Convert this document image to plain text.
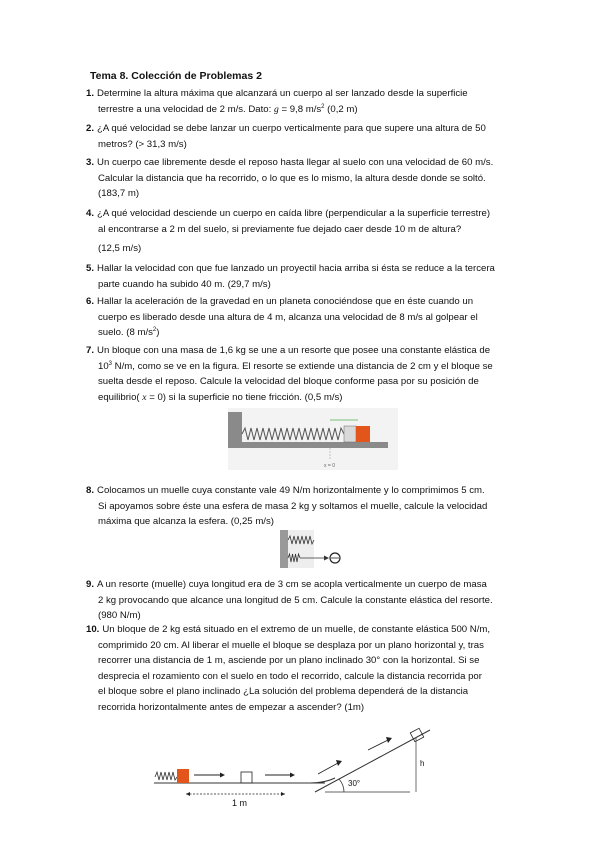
Tema 8. Colección de Problemas 2
1. Determine la altura máxima que alcanzará un cuerpo al ser lanzado desde la superficie
terrestre a una velocidad de 2 m/s. Dato: g = 9,8 $m/s^2$ (0,2 m)
2. ¿A qué velocidad se debe lanzar un cuerpo verticalmente para que supere una altura de 50
metros? (> 31,3 m/s)
3. Un cuerpo cae libremente desde el reposo hasta llegar al suelo con una velocidad de 60 m/s.
Calcular la distancia que ha recorrido, o lo que es lo mismo, la altura desde donde se soltó.
(183,7 m)
4. ¿A qué velocidad desciende un cuerpo en caída libre (perpendicular a la superficie terrestre)
al encontrarse a 2 m del suelo, si previamente fue dejado caer desde 10 m de altura?
(12,5 m/s)
5. Hallar la velocidad con que fue lanzado un proyectil hacia arriba si ésta se reduce a la tercera
parte cuando ha subido 40 m. (29,7 m/s)
6. Hallar la aceleración de la gravedad en un planeta conociéndose que en éste cuando un
cuerpo es liberado desde una altura de 4 m, alcanza una velocidad de 8 m/s al golpear el
suelo. (8 $m/s^2$)
7. Un bloque con una masa de 1,6 kg se une a un resorte que posee una constante elástica de
$10^3$ N/m, como se ve en la figura. El resorte se extiende una distancia de 2 cm y el bloque se
suelta desde el reposo. Calcule la velocidad del bloque conforme pasa por su posición de
equilibrio( x = 0) si la superficie no tiene fricción. (0,5 m/s)
x = 0
8. Colocamos un muelle cuya constante vale 49 N/m horizontalmente y lo comprimimos 5 cm.
Si apoyamos sobre éste una esfera de masa 2 kg y soltamos el muelle, calcule la velocidad
máxima que alcanza la esfera. (0,25 m/s)
9. A un resorte (muelle) cuya longitud era de 3 cm se acopla verticalmente un cuerpo de masa
2 kg provocando que alcance una longitud de 5 cm. Calcule la constante elástica del resorte.
(980 N/m)
10. Un bloque de 2 kg está situado en el extremo de un muelle, de constante elástica 500 N/m,
comprimido 20 cm. Al liberar el muelle el bloque se desplaza por un plano horizontal y, tras
recorrer una distancia de 1 m, asciende por un plano inclinado 30° con la horizontal. Si se
desprecia el rozamiento con el suelo en todo el recorrido, calcule la distancia recorrida por
el bloque sobre el plano inclinado ¿La solución del problema dependerá de la distancia
recorrida horizontalmente antes de empezar a ascender? (1m)
30°
h
1 m
